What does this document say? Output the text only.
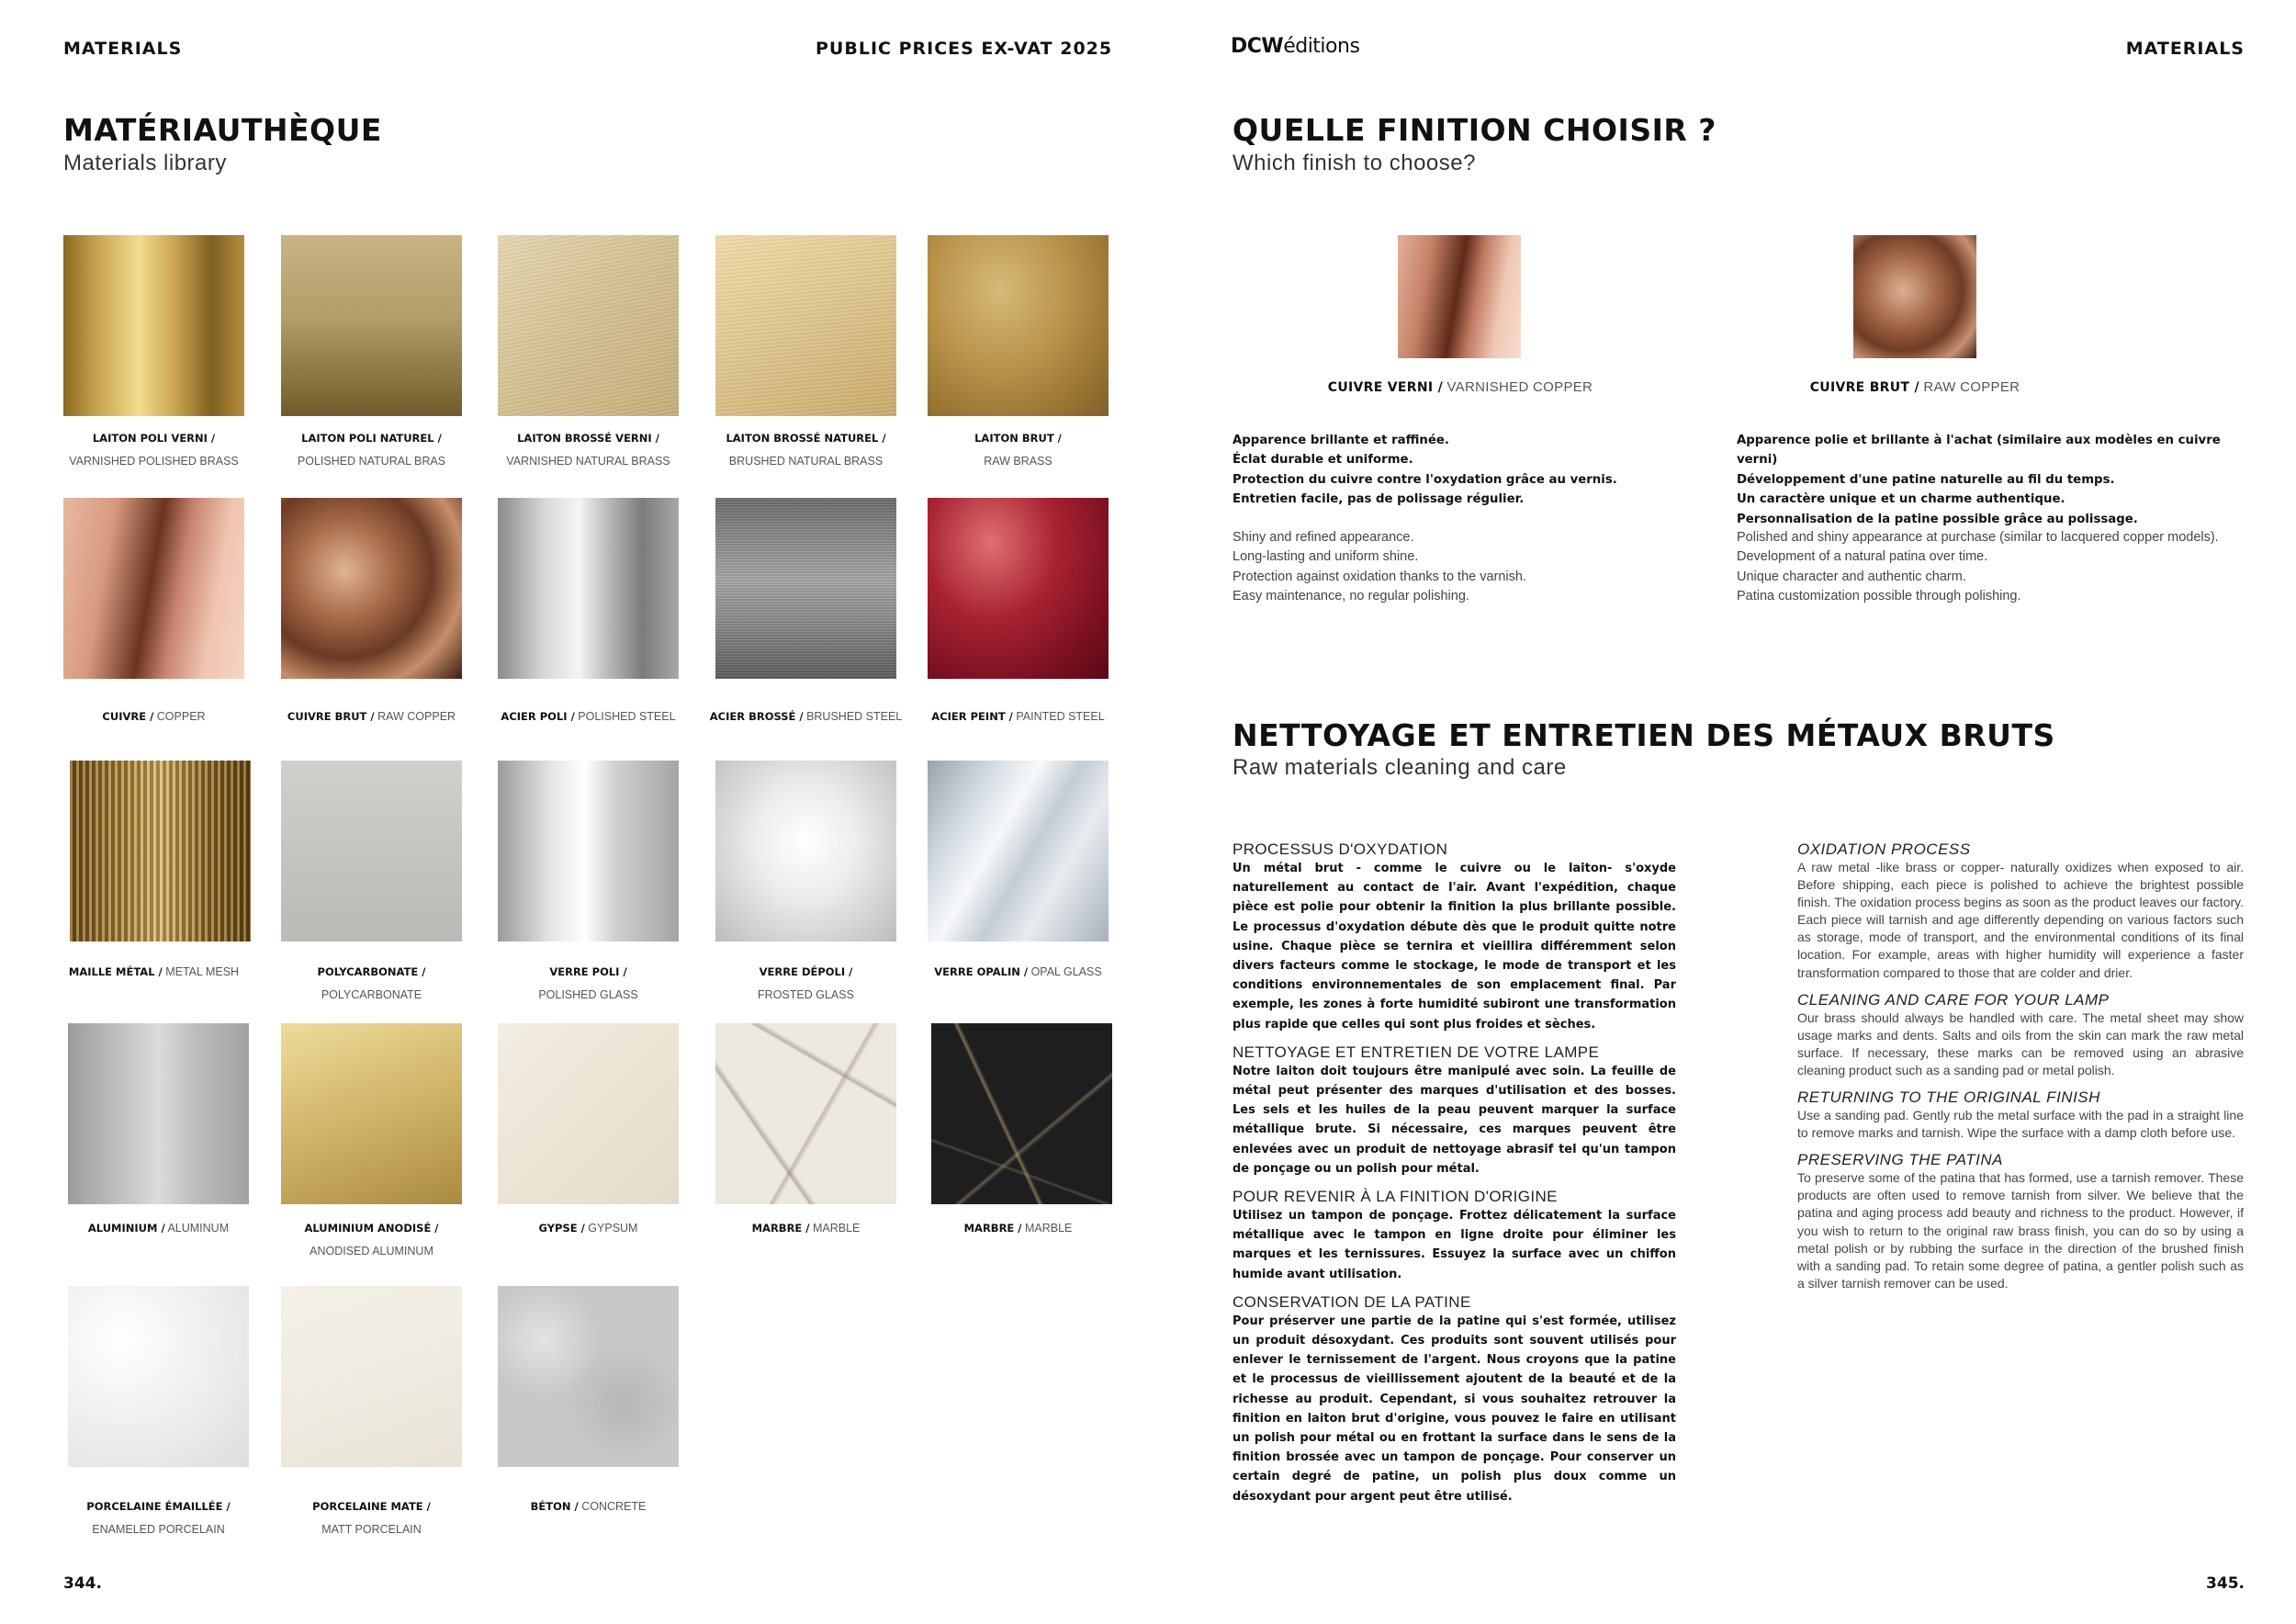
MATERIALS	PUBLIC PRICES EX-VAT 2025	DCWéditions	MATERIALS
MATÉRIAUTHÈQUE
Materials library
LAITON POLI VERNI /
VARNISHED POLISHED BRASS
LAITON POLI NATUREL /
POLISHED NATURAL BRAS
LAITON BROSSÉ VERNI /
VARNISHED NATURAL BRASS
LAITON BROSSÉ NATUREL /
BRUSHED NATURAL BRASS
LAITON BRUT /
RAW BRASS
CUIVRE / COPPER	CUIVRE BRUT / RAW COPPER	ACIER POLI / POLISHED STEEL	ACIER BROSSÉ / BRUSHED STEEL	ACIER PEINT / PAINTED STEEL
MAILLE MÉTAL / METAL MESH	POLYCARBONATE /
POLYCARBONATE
VERRE POLI /
POLISHED GLASS
VERRE DÉPOLI /
FROSTED GLASS
VERRE OPALIN / OPAL GLASS
ALUMINIUM / ALUMINUM	ALUMINIUM ANODISÉ /
ANODISED ALUMINUM
GYPSE / GYPSUM	MARBRE / MARBLE	MARBRE / MARBLE
PORCELAINE ÉMAILLÉE /
ENAMELED PORCELAIN
PORCELAINE MATE /
MATT PORCELAIN
BÉTON / CONCRETE
344.
QUELLE FINITION CHOISIR ?
Which finish to choose?
CUIVRE VERNI / VARNISHED COPPER	CUIVRE BRUT / RAW COPPER
Apparence brillante et raffinée.
Éclat durable et uniforme.
Protection du cuivre contre l'oxydation grâce au vernis.
Entretien facile, pas de polissage régulier.
Shiny and refined appearance.
Long-lasting and uniform shine.
Protection against oxidation thanks to the varnish.
Easy maintenance, no regular polishing.
Apparence polie et brillante à l'achat (similaire aux modèles en cuivre verni)
Développement d'une patine naturelle au fil du temps.
Un caractère unique et un charme authentique.
Personnalisation de la patine possible grâce au polissage.
Polished and shiny appearance at purchase (similar to lacquered copper models).
Development of a natural patina over time.
Unique character and authentic charm.
Patina customization possible through polishing.
NETTOYAGE ET ENTRETIEN DES MÉTAUX BRUTS
Raw materials cleaning and care
PROCESSUS D'OXYDATION
Un métal brut - comme le cuivre ou le laiton- s'oxyde naturellement au contact de l'air. Avant l'expédition, chaque pièce est polie pour obtenir la finition la plus brillante possible. Le processus d'oxydation débute dès que le produit quitte notre usine. Chaque pièce se ternira et vieillira différemment selon divers facteurs comme le stockage, le mode de transport et les conditions environnementales de son emplacement final. Par exemple, les zones à forte humidité subiront une transformation plus rapide que celles qui sont plus froides et sèches.
NETTOYAGE ET ENTRETIEN DE VOTRE LAMPE
Notre laiton doit toujours être manipulé avec soin. La feuille de métal peut présenter des marques d'utilisation et des bosses. Les sels et les huiles de la peau peuvent marquer la surface métallique brute. Si nécessaire, ces marques peuvent être enlevées avec un produit de nettoyage abrasif tel qu'un tampon de ponçage ou un polish pour métal.
POUR REVENIR À LA FINITION D'ORIGINE
Utilisez un tampon de ponçage. Frottez délicatement la surface métallique avec le tampon en ligne droite pour éliminer les marques et les ternissures. Essuyez la surface avec un chiffon humide avant utilisation.
CONSERVATION DE LA PATINE
Pour préserver une partie de la patine qui s'est formée, utilisez un produit désoxydant. Ces produits sont souvent utilisés pour enlever le ternissement de l'argent. Nous croyons que la patine et le processus de vieillissement ajoutent de la beauté et de la richesse au produit. Cependant, si vous souhaitez retrouver la finition en laiton brut d'origine, vous pouvez le faire en utilisant un polish pour métal ou en frottant la surface dans le sens de la finition brossée avec un tampon de ponçage. Pour conserver un certain degré de patine, un polish plus doux comme un désoxydant pour argent peut être utilisé.
OXIDATION PROCESS
A raw metal -like brass or copper- naturally oxidizes when exposed to air. Before shipping, each piece is polished to achieve the brightest possible finish. The oxidation process begins as soon as the product leaves our factory. Each piece will tarnish and age differently depending on various factors such as storage, mode of transport, and the environmental conditions of its final location. For example, areas with higher humidity will experience a faster transformation compared to those that are colder and drier.
CLEANING AND CARE FOR YOUR LAMP
Our brass should always be handled with care. The metal sheet may show usage marks and dents. Salts and oils from the skin can mark the raw metal surface. If necessary, these marks can be removed using an abrasive cleaning product such as a sanding pad or metal polish.
RETURNING TO THE ORIGINAL FINISH
Use a sanding pad. Gently rub the metal surface with the pad in a straight line to remove marks and tarnish. Wipe the surface with a damp cloth before use.
PRESERVING THE PATINA
To preserve some of the patina that has formed, use a tarnish remover. These products are often used to remove tarnish from silver. We believe that the patina and aging process add beauty and richness to the product. However, if you wish to return to the original raw brass finish, you can do so by using a metal polish or by rubbing the surface in the direction of the brushed finish with a sanding pad. To retain some degree of patina, a gentler polish such as a silver tarnish remover can be used.
345.
